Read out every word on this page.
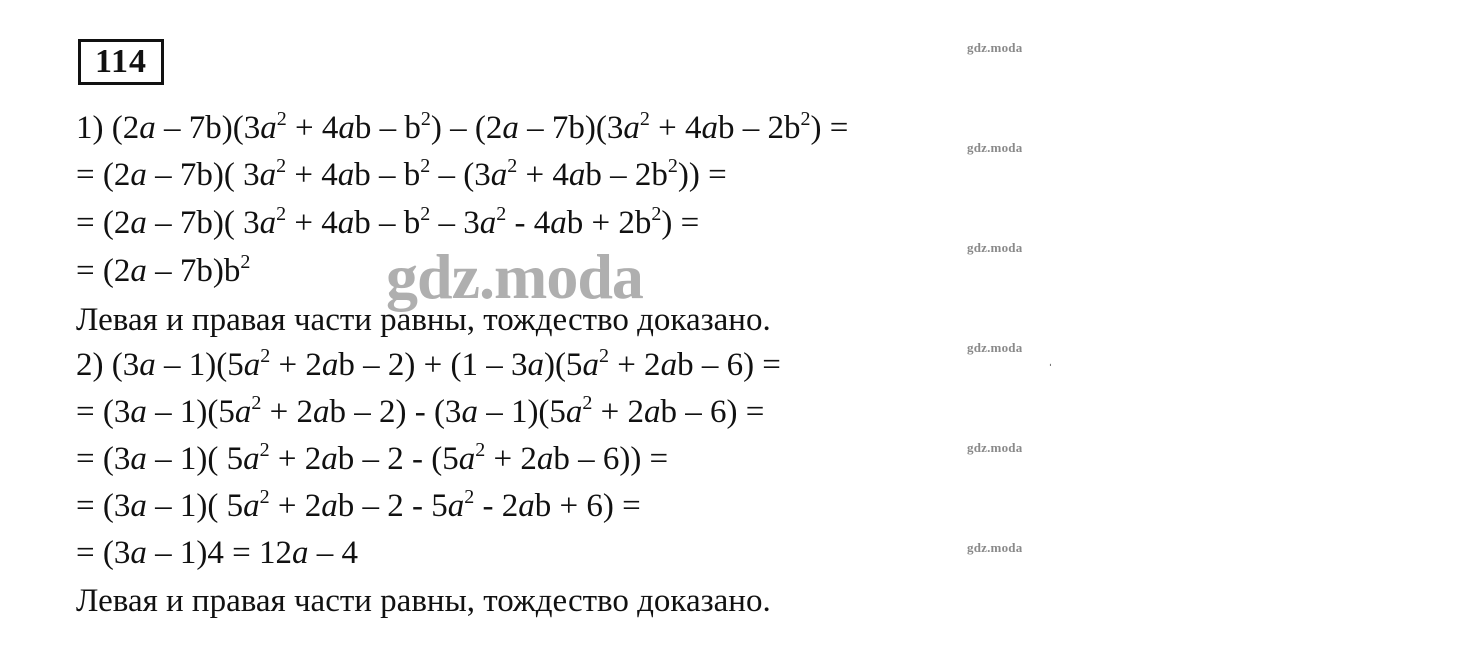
114	gdz.moda
gdz.moda
gdz.moda
gdz.moda
gdz.moda
gdz.moda
ˌ
1) $(2a - 7b)(3a^2 + 4ab - b^2) - (2a - 7b)(3a^2 + 4ab - 2b^2)$ =
= (2a – 7b)( $3a^2 + 4ab - b^2 - (3a^2 + 4ab - 2b^2)$) =
= (2a – 7b)( $3a^2 + 4ab - b^2 - 3a^2 - 4ab + 2b^2$) =
= $(2a - 7b)b^2$
Левая и правая части равны, тождество доказано.
2) $(3a - 1)(5a^2 + 2ab - 2) + (1 - 3a)(5a^2 + 2ab - 6)$ =
= $(3a - 1)(5a^2 + 2ab - 2) - (3a - 1)(5a^2 + 2ab - 6)$ =
= (3a – 1)( $5a^2 + 2ab - 2 - (5a^2 + 2ab - 6)$) =
= (3a – 1)( $5a^2 + 2ab - 2 - 5a^2 - 2ab + 6$) =
= (3a – 1)4 = 12a – 4
Левая и правая части равны, тождество доказано.
gdz.moda
